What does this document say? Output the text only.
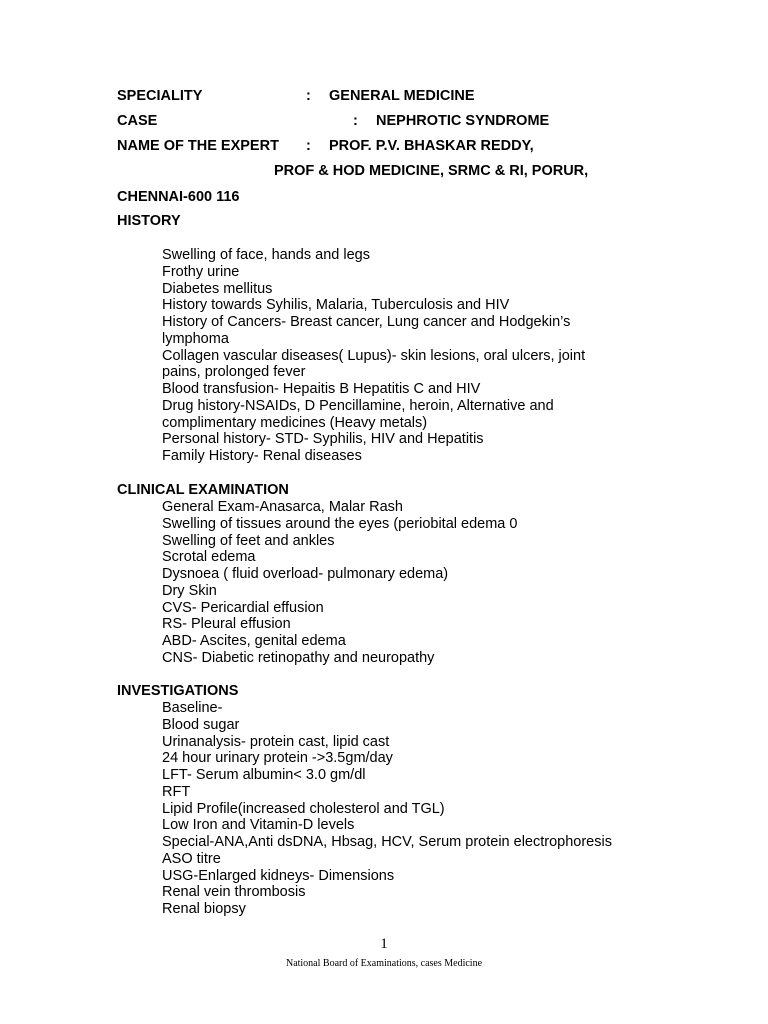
SPECIALITY	: GENERAL MEDICINE
CASE	: NEPHROTIC SYNDROME
NAME OF THE EXPERT : PROF. P.V. BHASKAR REDDY,
PROF & HOD MEDICINE, SRMC & RI, PORUR,
CHENNAI-600 116
HISTORY
Swelling of face, hands and legs
Frothy urine
Diabetes mellitus
History towards Syhilis, Malaria, Tuberculosis and HIV
History of Cancers- Breast cancer, Lung cancer and Hodgekin’s lymphoma
Collagen vascular diseases( Lupus)- skin lesions, oral ulcers, joint pains, prolonged fever
Blood transfusion- Hepaitis B Hepatitis C and HIV
Drug history-NSAIDs, D Pencillamine, heroin, Alternative and complimentary medicines (Heavy metals)
Personal history- STD- Syphilis, HIV and Hepatitis
Family History- Renal diseases
CLINICAL EXAMINATION
General Exam-Anasarca, Malar Rash
Swelling of tissues around the eyes (periobital edema 0
Swelling of feet and ankles
Scrotal edema
Dysnoea ( fluid overload- pulmonary edema)
Dry Skin
CVS- Pericardial effusion
RS- Pleural effusion
ABD- Ascites, genital edema
CNS- Diabetic retinopathy and neuropathy
INVESTIGATIONS
Baseline-
Blood sugar
Urinanalysis- protein cast, lipid cast
24 hour urinary protein ->3.5gm/day
LFT- Serum albumin< 3.0 gm/dl
RFT
Lipid Profile(increased cholesterol and TGL)
Low Iron and Vitamin-D levels
Special-ANA,Anti dsDNA, Hbsag, HCV, Serum protein electrophoresis
ASO titre
USG-Enlarged kidneys- Dimensions
Renal vein thrombosis
Renal biopsy
1
National Board of Examinations, cases Medicine
